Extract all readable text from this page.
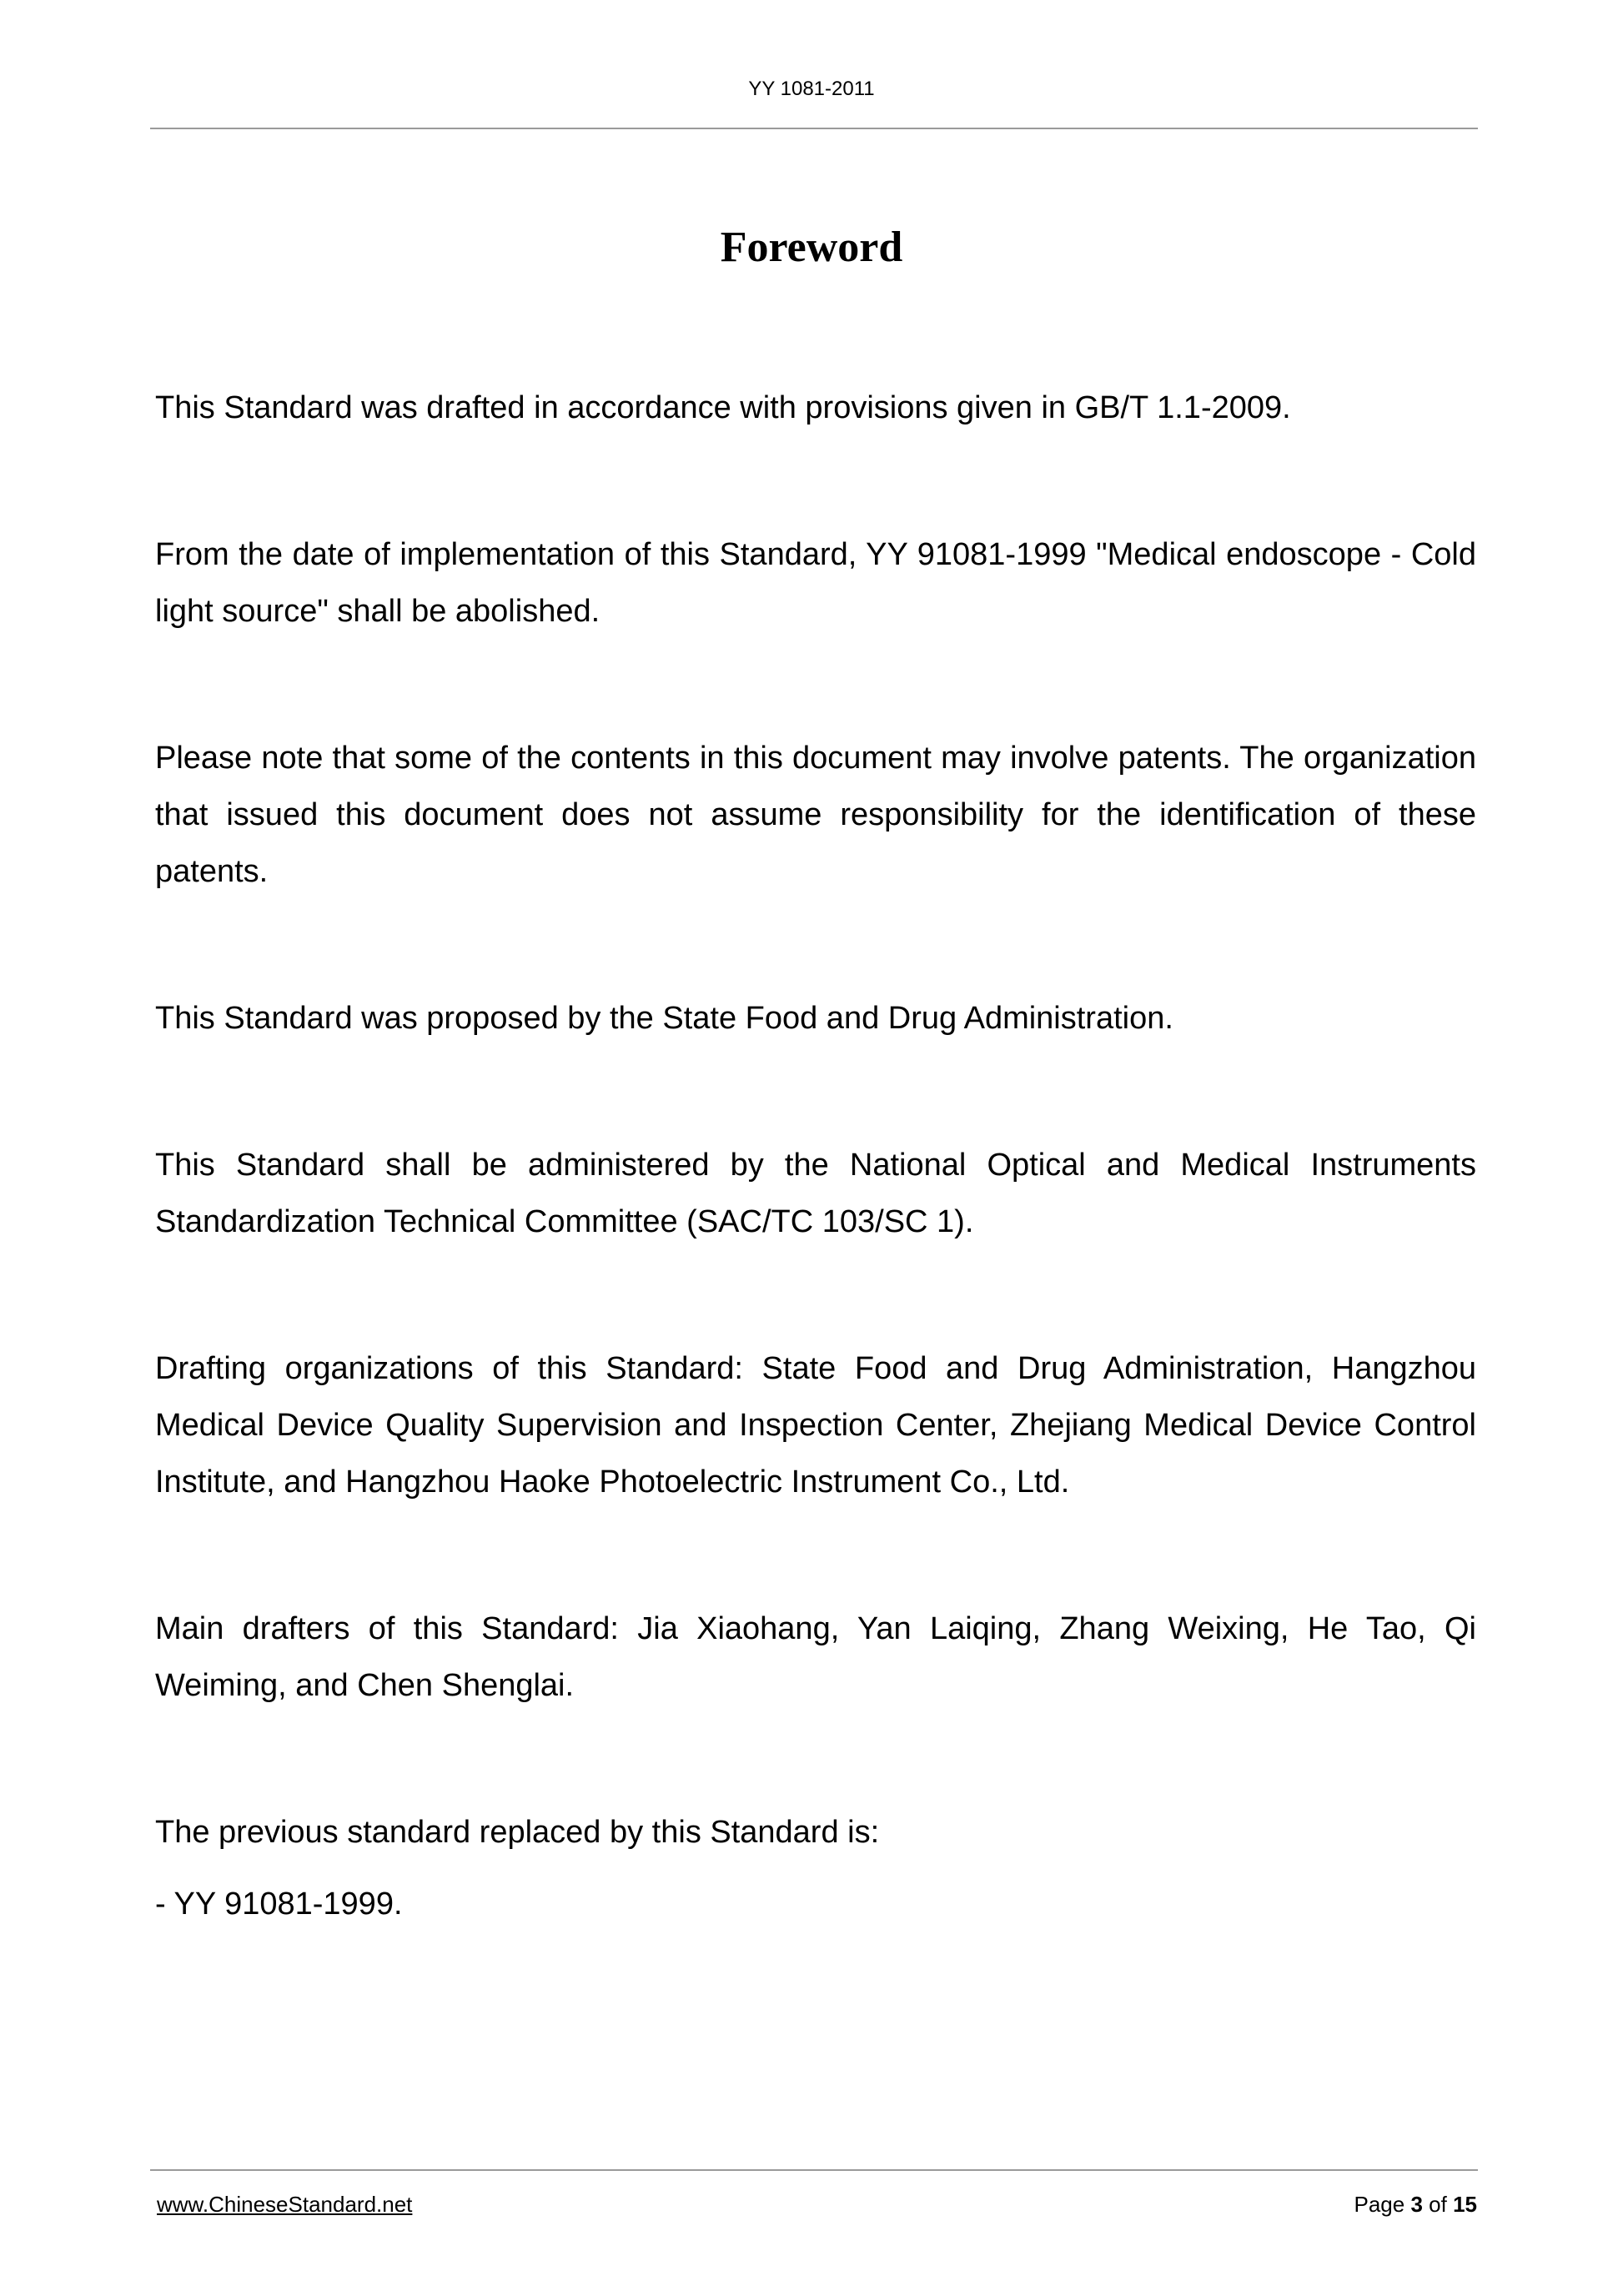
YY 1081-2011
Foreword

This Standard was drafted in accordance with provisions given in GB/T 1.1-2009.

From the date of implementation of this Standard, YY 91081-1999 "Medical endoscope - Cold light source" shall be abolished.

Please note that some of the contents in this document may involve patents. The organization that issued this document does not assume responsibility for the identification of these patents.

This Standard was proposed by the State Food and Drug Administration.

This Standard shall be administered by the National Optical and Medical Instruments Standardization Technical Committee (SAC/TC 103/SC 1).

Drafting organizations of this Standard: State Food and Drug Administration, Hangzhou Medical Device Quality Supervision and Inspection Center, Zhejiang Medical Device Control Institute, and Hangzhou Haoke Photoelectric Instrument Co., Ltd.

Main drafters of this Standard: Jia Xiaohang, Yan Laiqing, Zhang Weixing, He Tao, Qi Weiming, and Chen Shenglai.

The previous standard replaced by this Standard is:

- YY 91081-1999.

www.ChineseStandard.net	Page 3 of 15
